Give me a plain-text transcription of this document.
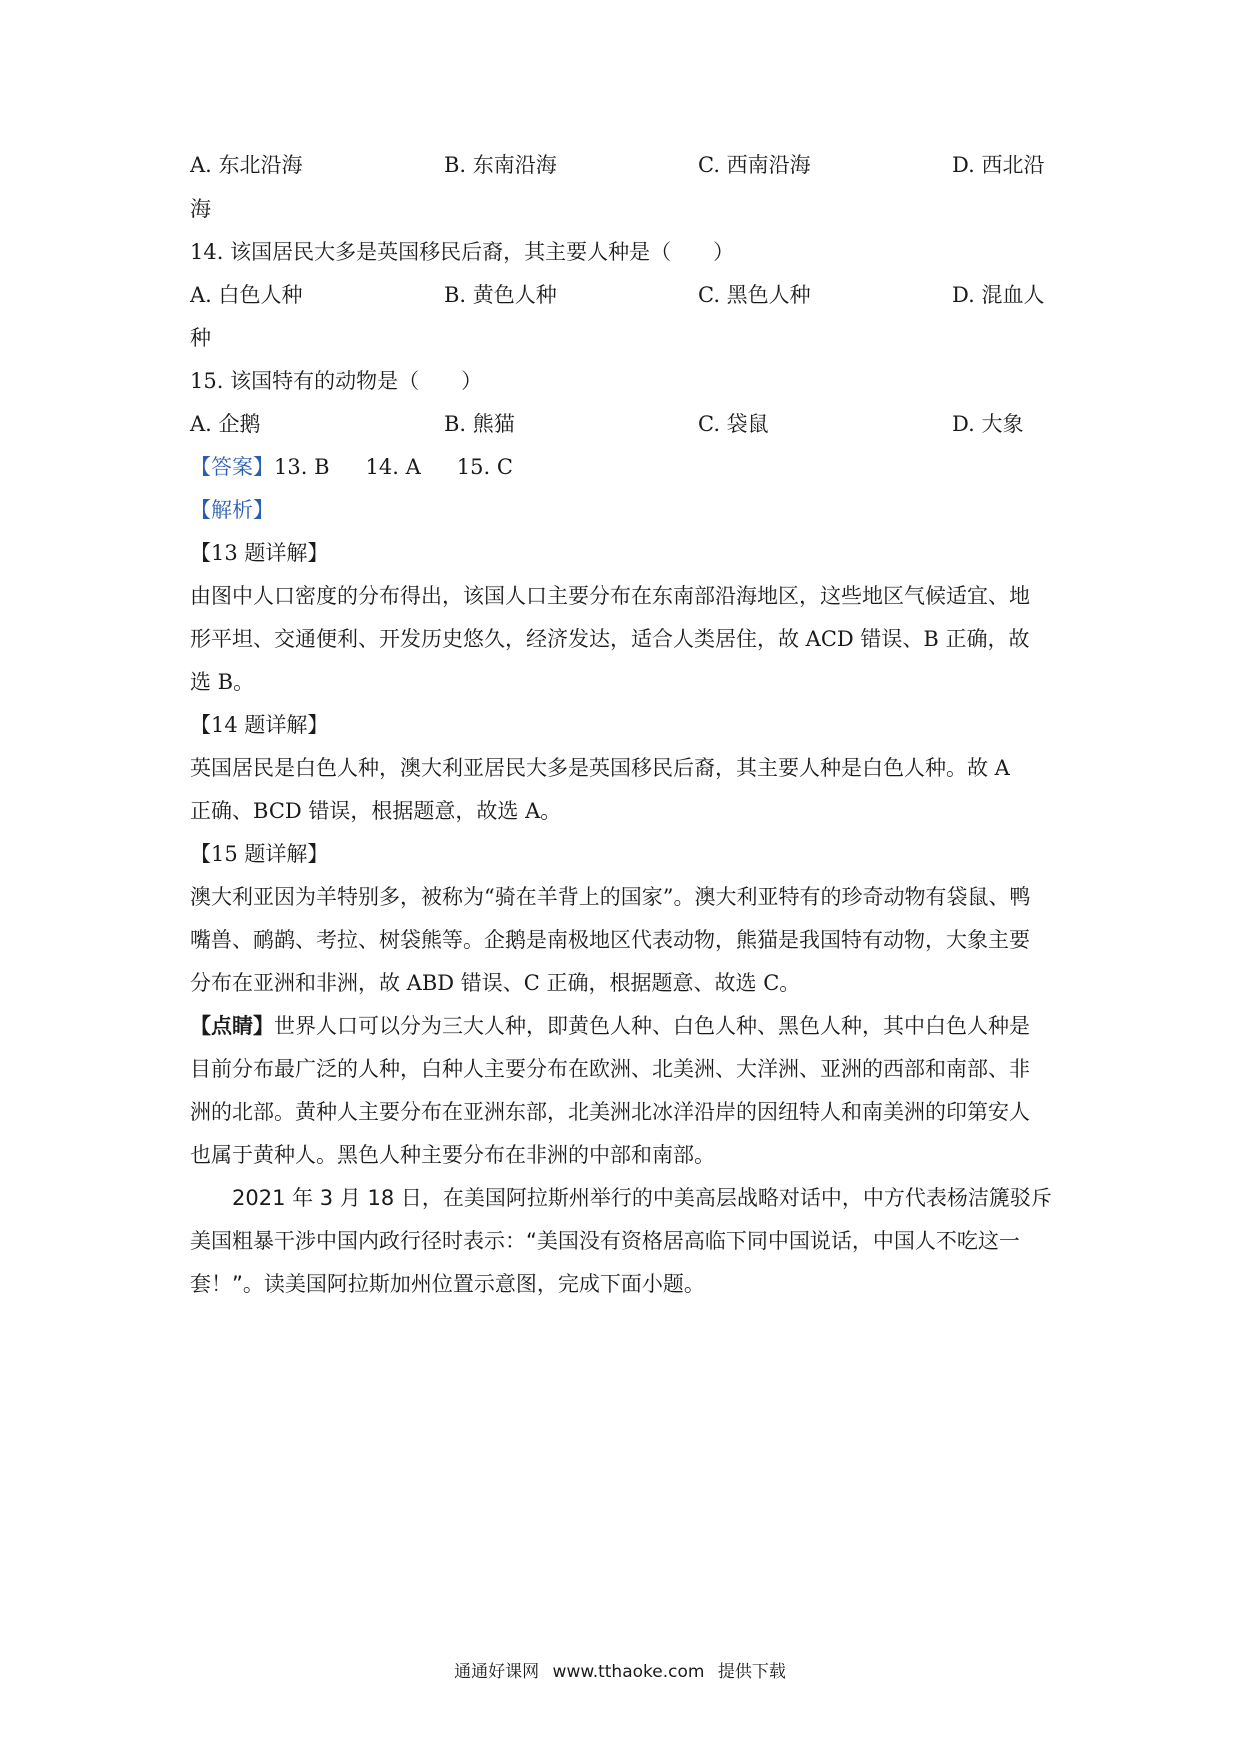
A. 东北沿海	B. 东南沿海	C. 西南沿海	D. 西北沿
海
14. 该国居民大多是英国移民后裔，其主要人种是（　　）
A. 白色人种	B. 黄色人种	C. 黑色人种	D. 混血人
种
15. 该国特有的动物是（　　）
A. 企鹅	B. 熊猫	C. 袋鼠	D. 大象
【答案】13. B 14. A 15. C
【解析】
【13 题详解】
由图中人口密度的分布得出，该国人口主要分布在东南部沿海地区，这些地区气候适宜、地
形平坦、交通便利、开发历史悠久，经济发达，适合人类居住，故 ACD 错误、B 正确，故
选 B。
【14 题详解】
英国居民是白色人种，澳大利亚居民大多是英国移民后裔，其主要人种是白色人种。故 A
正确、BCD 错误，根据题意，故选 A。
【15 题详解】
澳大利亚因为羊特别多，被称为“骑在羊背上的国家”。澳大利亚特有的珍奇动物有袋鼠、鸭
嘴兽、鸸鹋、考拉、树袋熊等。企鹅是南极地区代表动物，熊猫是我国特有动物，大象主要
分布在亚洲和非洲，故 ABD 错误、C 正确，根据题意、故选 C。
【点睛】世界人口可以分为三大人种，即黄色人种、白色人种、黑色人种，其中白色人种是
目前分布最广泛的人种，白种人主要分布在欧洲、北美洲、大洋洲、亚洲的西部和南部、非
洲的北部。黄种人主要分布在亚洲东部，北美洲北冰洋沿岸的因纽特人和南美洲的印第安人
也属于黄种人。黑色人种主要分布在非洲的中部和南部。
　　2021 年 3 月 18 日，在美国阿拉斯州举行的中美高层战略对话中，中方代表杨洁篪驳斥
美国粗暴干涉中国内政行径时表示：“美国没有资格居高临下同中国说话，中国人不吃这一
套！”。读美国阿拉斯加州位置示意图，完成下面小题。
通通好课网 www.tthaoke.com 提供下载
